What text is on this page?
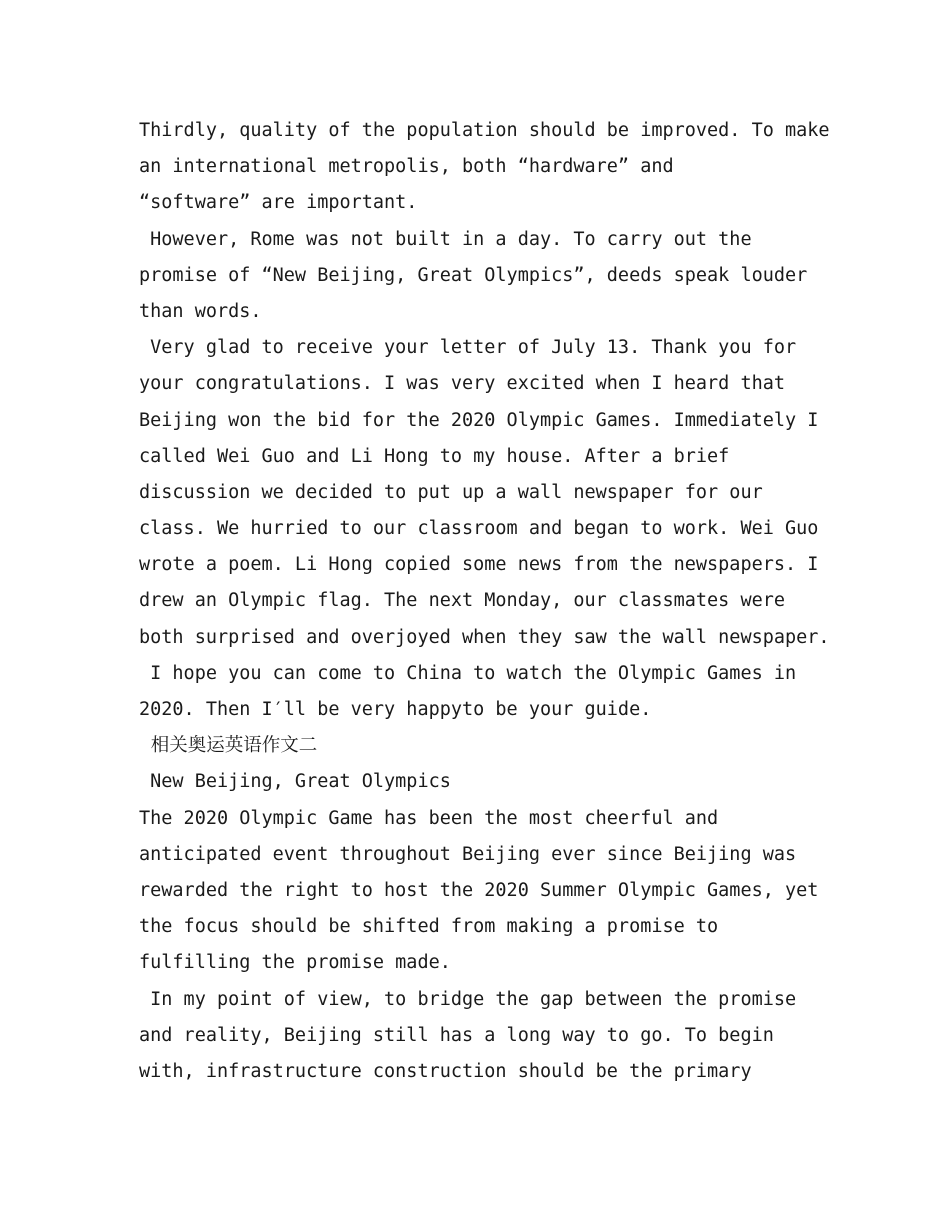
Thirdly, quality of the population should be improved. To make
an international metropolis, both “hardware” and
“software” are important.
However, Rome was not built in a day. To carry out the
promise of “New Beijing, Great Olympics”, deeds speak louder
than words.
Very glad to receive your letter of July 13. Thank you for
your congratulations. I was very excited when I heard that
Beijing won the bid for the 2020 Olympic Games. Immediately I
called Wei Guo and Li Hong to my house. After a brief
discussion we decided to put up a wall newspaper for our
class. We hurried to our classroom and began to work. Wei Guo
wrote a poem. Li Hong copied some news from the newspapers. I
drew an Olympic flag. The next Monday, our classmates were
both surprised and overjoyed when they saw the wall newspaper.
I hope you can come to China to watch the Olympic Games in
2020. Then I′ll be very happyto be your guide.
相关奥运英语作文二
New Beijing, Great Olympics
The 2020 Olympic Game has been the most cheerful and
anticipated event throughout Beijing ever since Beijing was
rewarded the right to host the 2020 Summer Olympic Games, yet
the focus should be shifted from making a promise to
fulfilling the promise made.
In my point of view, to bridge the gap between the promise
and reality, Beijing still has a long way to go. To begin
with, infrastructure construction should be the primary
